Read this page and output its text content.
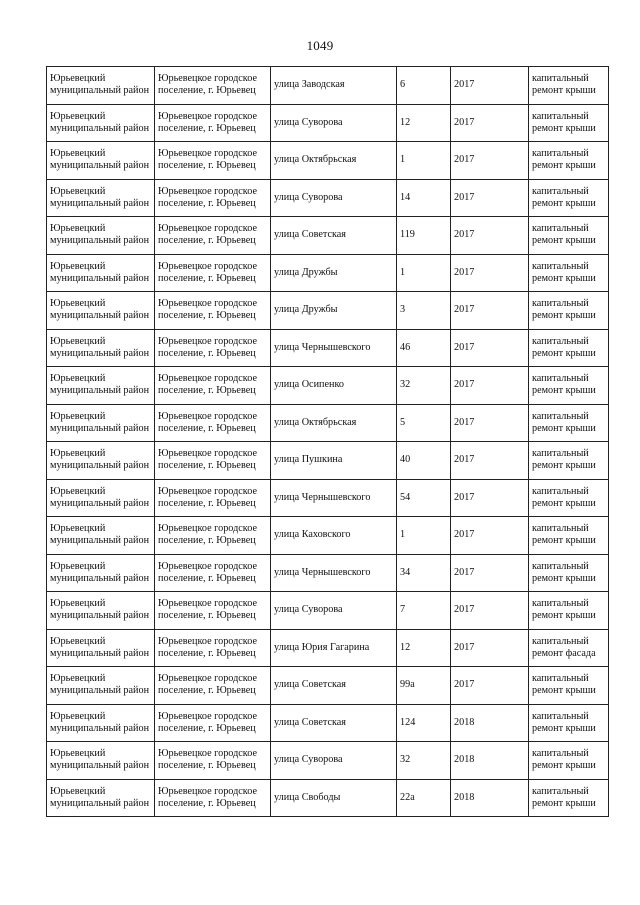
1049
Юрьевецкий муниципальный район	Юрьевецкое городское поселение, г. Юрьевец	улица Заводская	6	2017	капитальный ремонт крыши

Юрьевецкий муниципальный район	Юрьевецкое городское поселение, г. Юрьевец	улица Суворова	12	2017	капитальный ремонт крыши

Юрьевецкий муниципальный район	Юрьевецкое городское поселение, г. Юрьевец	улица Октябрьская	1	2017	капитальный ремонт крыши

Юрьевецкий муниципальный район	Юрьевецкое городское поселение, г. Юрьевец	улица Суворова	14	2017	капитальный ремонт крыши

Юрьевецкий муниципальный район	Юрьевецкое городское поселение, г. Юрьевец	улица Советская	119	2017	капитальный ремонт крыши

Юрьевецкий муниципальный район	Юрьевецкое городское поселение, г. Юрьевец	улица Дружбы	1	2017	капитальный ремонт крыши

Юрьевецкий муниципальный район	Юрьевецкое городское поселение, г. Юрьевец	улица Дружбы	3	2017	капитальный ремонт крыши

Юрьевецкий муниципальный район	Юрьевецкое городское поселение, г. Юрьевец	улица Чернышевского	46	2017	капитальный ремонт крыши

Юрьевецкий муниципальный район	Юрьевецкое городское поселение, г. Юрьевец	улица Осипенко	32	2017	капитальный ремонт крыши

Юрьевецкий муниципальный район	Юрьевецкое городское поселение, г. Юрьевец	улица Октябрьская	5	2017	капитальный ремонт крыши

Юрьевецкий муниципальный район	Юрьевецкое городское поселение, г. Юрьевец	улица Пушкина	40	2017	капитальный ремонт крыши

Юрьевецкий муниципальный район	Юрьевецкое городское поселение, г. Юрьевец	улица Чернышевского	54	2017	капитальный ремонт крыши

Юрьевецкий муниципальный район	Юрьевецкое городское поселение, г. Юрьевец	улица Каховского	1	2017	капитальный ремонт крыши

Юрьевецкий муниципальный район	Юрьевецкое городское поселение, г. Юрьевец	улица Чернышевского	34	2017	капитальный ремонт крыши

Юрьевецкий муниципальный район	Юрьевецкое городское поселение, г. Юрьевец	улица Суворова	7	2017	капитальный ремонт крыши

Юрьевецкий муниципальный район	Юрьевецкое городское поселение, г. Юрьевец	улица Юрия Гагарина	12	2017	капитальный ремонт фасада

Юрьевецкий муниципальный район	Юрьевецкое городское поселение, г. Юрьевец	улица Советская	99а	2017	капитальный ремонт крыши

Юрьевецкий муниципальный район	Юрьевецкое городское поселение, г. Юрьевец	улица Советская	124	2018	капитальный ремонт крыши

Юрьевецкий муниципальный район	Юрьевецкое городское поселение, г. Юрьевец	улица Суворова	32	2018	капитальный ремонт крыши

Юрьевецкий муниципальный район	Юрьевецкое городское поселение, г. Юрьевец	улица Свободы	22а	2018	капитальный ремонт крыши
